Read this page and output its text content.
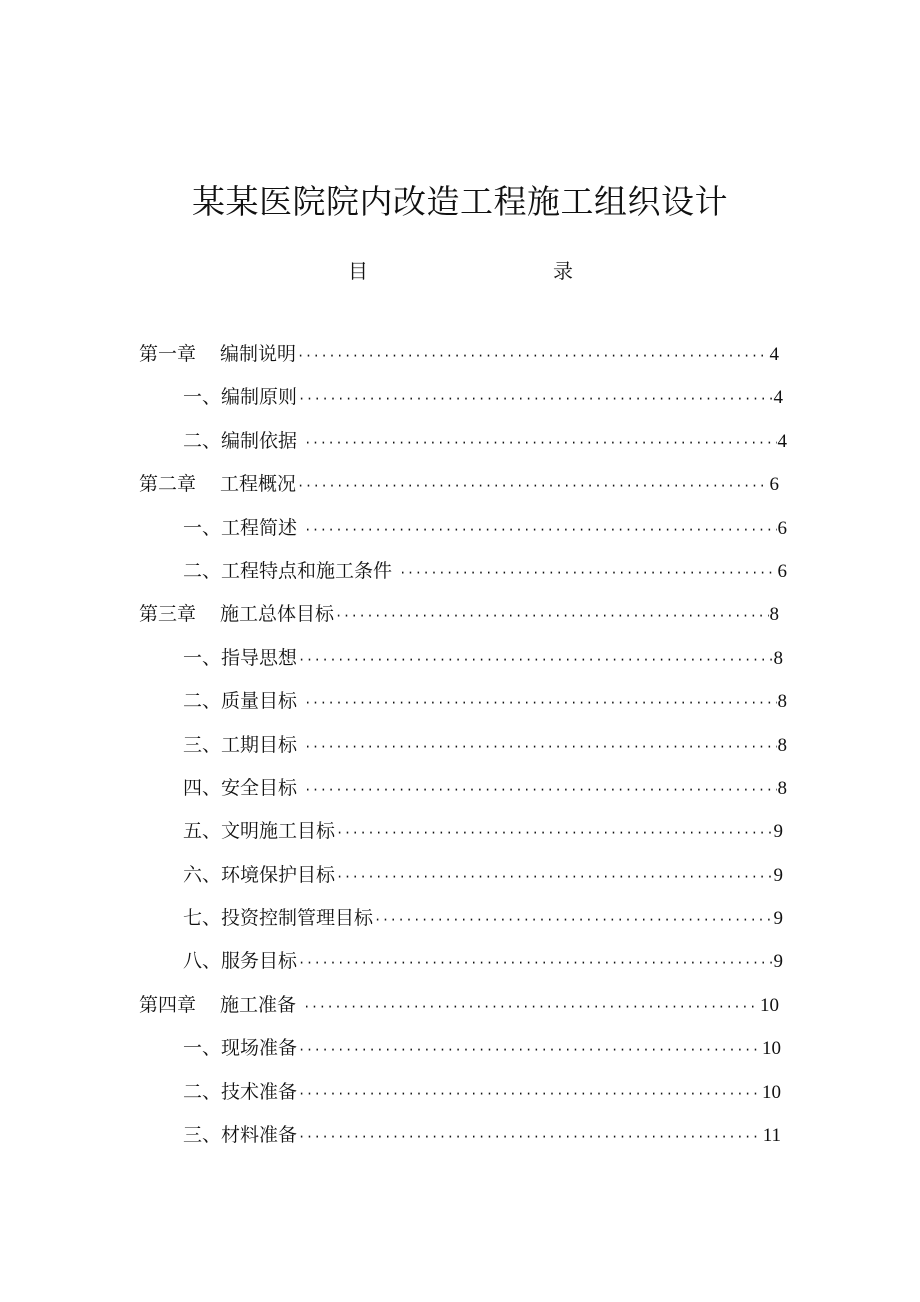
某某医院院内改造工程施工组织设计
目	录
第一章 编制说明 ·····	4
一、编制原则 ·····	4
二、编制依据 ·····	4
第二章 工程概况 ·····	6
一、工程简述 ·····	6
二、工程特点和施工条件 ·····	6
第三章 施工总体目标 ·····	8
一、指导思想 ·····	8
二、质量目标 ·····	8
三、工期目标 ·····	8
四、安全目标 ·····	8
五、文明施工目标 ·····	9
六、环境保护目标 ·····	9
七、投资控制管理目标 ·····	9
八、服务目标 ·····	9
第四章 施工准备 ·····	10
一、现场准备 ·····	10
二、技术准备 ·····	10
三、材料准备 ·····	11
